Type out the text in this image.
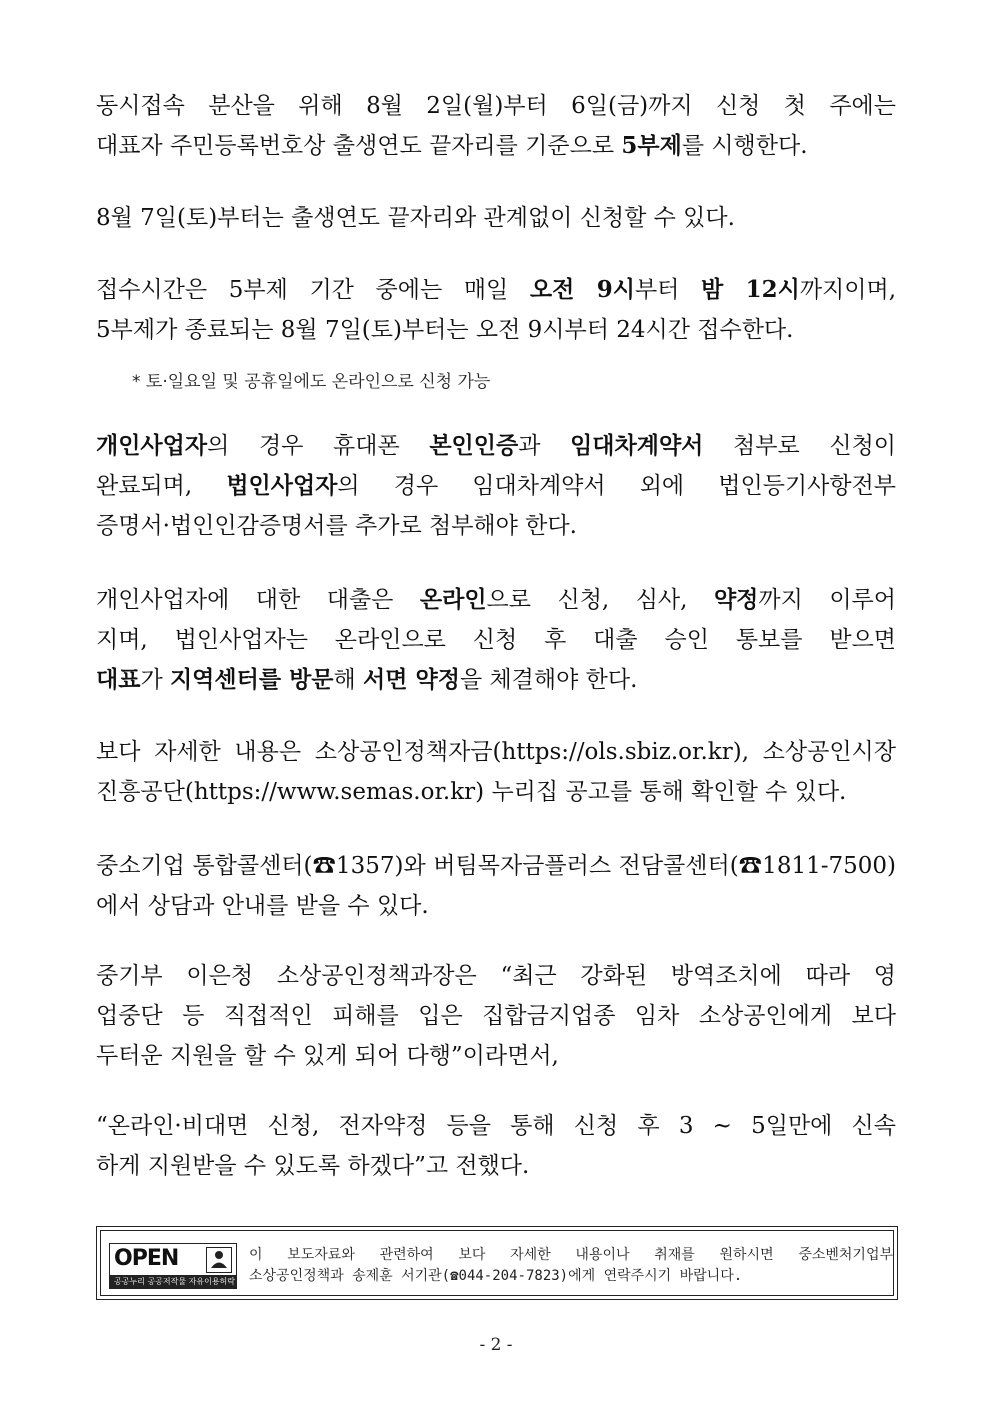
동시접속 분산을 위해 8월 2일(월)부터 6일(금)까지 신청 첫 주에는
대표자 주민등록번호상 출생연도 끝자리를 기준으로 5부제를 시행한다.
8월 7일(토)부터는 출생연도 끝자리와 관계없이 신청할 수 있다.
접수시간은 5부제 기간 중에는 매일 오전 9시부터 밤 12시까지이며,
5부제가 종료되는 8월 7일(토)부터는 오전 9시부터 24시간 접수한다.
* 토·일요일 및 공휴일에도 온라인으로 신청 가능
개인사업자의 경우 휴대폰 본인인증과 임대차계약서 첨부로 신청이
완료되며, 법인사업자의 경우 임대차계약서 외에 법인등기사항전부
증명서·법인인감증명서를 추가로 첨부해야 한다.
개인사업자에 대한 대출은 온라인으로 신청, 심사, 약정까지 이루어
지며, 법인사업자는 온라인으로 신청 후 대출 승인 통보를 받으면
대표가 지역센터를 방문해 서면 약정을 체결해야 한다.
보다 자세한 내용은 소상공인정책자금(https://ols.sbiz.or.kr), 소상공인시장
진흥공단(https://www.semas.or.kr) 누리집 공고를 통해 확인할 수 있다.
중소기업 통합콜센터(☎1357)와 버팀목자금플러스 전담콜센터(☎1811-7500)
에서 상담과 안내를 받을 수 있다.
중기부 이은청 소상공인정책과장은 “최근 강화된 방역조치에 따라 영
업중단 등 직접적인 피해를 입은 집합금지업종 임차 소상공인에게 보다
두터운 지원을 할 수 있게 되어 다행”이라면서,
“온라인·비대면 신청, 전자약정 등을 통해 신청 후 3 ~ 5일만에 신속
하게 지원받을 수 있도록 하겠다”고 전했다.
OPEN
공공누리 공공저작물 자유이용허락
이 보도자료와 관련하여 보다 자세한 내용이나 취재를 원하시면 중소벤처기업부
소상공인정책과 송제훈 서기관(☎044-204-7823)에게 연락주시기 바랍니다.
- 2 -
